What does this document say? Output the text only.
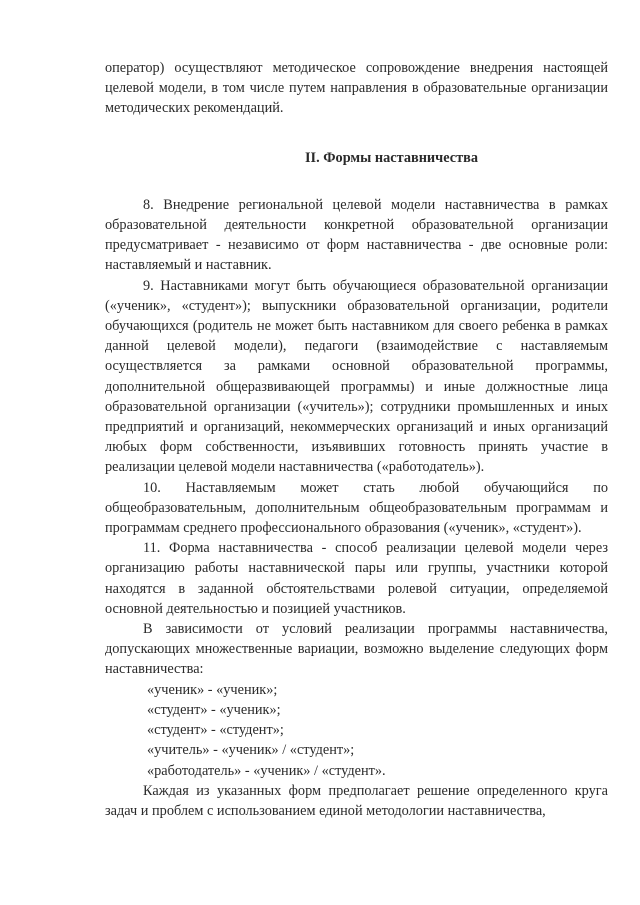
оператор) осуществляют методическое сопровождение внедрения настоящей целевой модели, в том числе путем направления в образовательные организации методических рекомендаций.

II. Формы наставничества

8. Внедрение региональной целевой модели наставничества в рамках образовательной деятельности конкретной образовательной организации предусматривает - независимо от форм наставничества - две основные роли: наставляемый и наставник.

9. Наставниками могут быть обучающиеся образовательной организации («ученик», «студент»); выпускники образовательной организации, родители обучающихся (родитель не может быть наставником для своего ребенка в рамках данной целевой модели), педагоги (взаимодействие с наставляемым осуществляется за рамками основной образовательной программы, дополнительной общеразвивающей программы) и иные должностные лица образовательной организации («учитель»); сотрудники промышленных и иных предприятий и организаций, некоммерческих организаций и иных организаций любых форм собственности, изъявивших готовность принять участие в реализации целевой модели наставничества («работодатель»).

10. Наставляемым может стать любой обучающийся по общеобразовательным, дополнительным общеобразовательным программам и программам среднего профессионального образования («ученик», «студент»).

11. Форма наставничества - способ реализации целевой модели через организацию работы наставнической пары или группы, участники которой находятся в заданной обстоятельствами ролевой ситуации, определяемой основной деятельностью и позицией участников.

В зависимости от условий реализации программы наставничества, допускающих множественные вариации, возможно выделение следующих форм наставничества:

«ученик» - «ученик»;

«студент» - «ученик»;

«студент» - «студент»;

«учитель» - «ученик» / «студент»;

«работодатель» - «ученик» / «студент».

Каждая из указанных форм предполагает решение определенного круга задач и проблем с использованием единой методологии наставничества,
